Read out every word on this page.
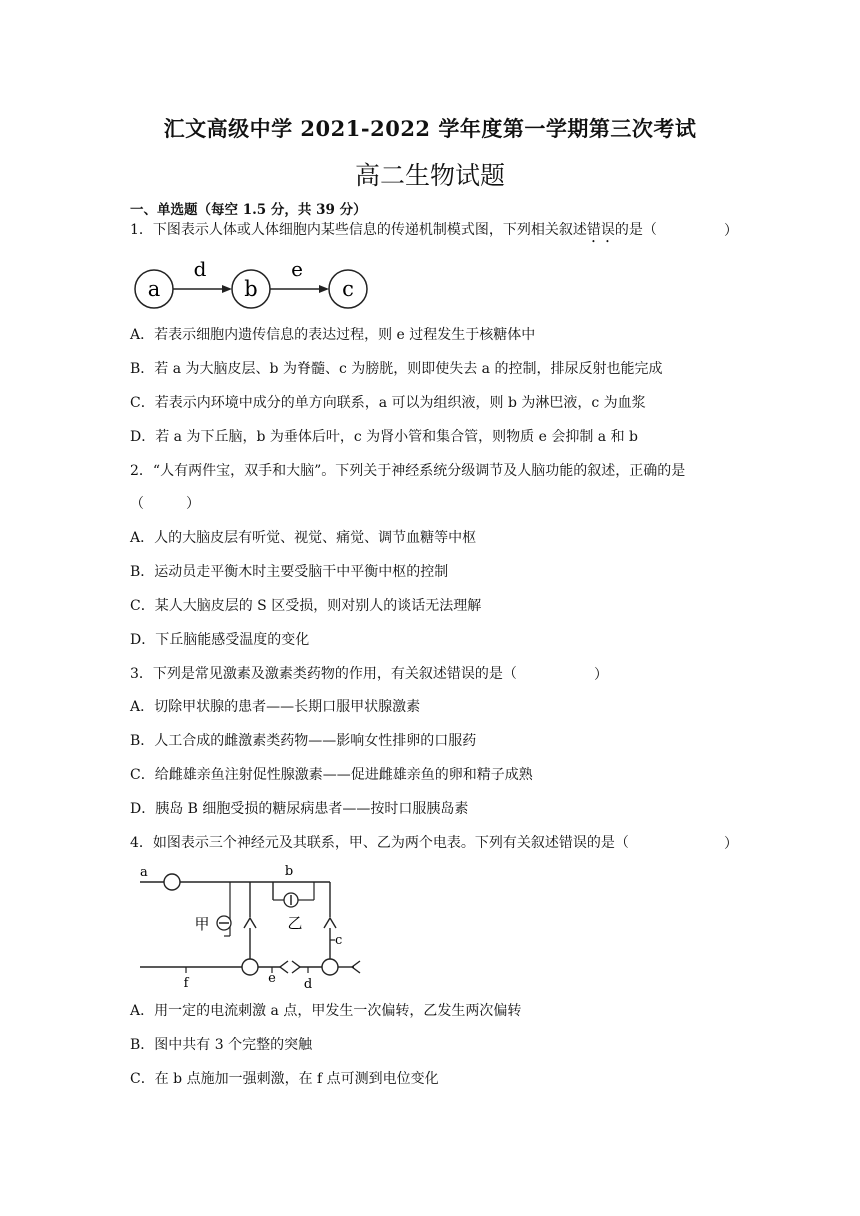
汇文高级中学 2021-2022 学年度第一学期第三次考试
高二生物试题
一、单选题（每空 1.5 分，共 39 分）
1．下图表示人体或人体细胞内某些信息的传递机制模式图，下列相关叙述错误的是（	）
a	b	c
d	e
A．若表示细胞内遗传信息的表达过程，则 e 过程发生于核糖体中
B．若 a 为大脑皮层、b 为脊髓、c 为膀胱，则即使失去 a 的控制，排尿反射也能完成
C．若表示内环境中成分的单方向联系，a 可以为组织液，则 b 为淋巴液，c 为血浆
D．若 a 为下丘脑，b 为垂体后叶，c 为肾小管和集合管，则物质 e 会抑制 a 和 b
2．“人有两件宝，双手和大脑”。下列关于神经系统分级调节及人脑功能的叙述，正确的是
（　　　）
A．人的大脑皮层有听觉、视觉、痛觉、调节血糖等中枢
B．运动员走平衡木时主要受脑干中平衡中枢的控制
C．某人大脑皮层的 S 区受损，则对别人的谈话无法理解
D．下丘脑能感受温度的变化
3．下列是常见激素及激素类药物的作用，有关叙述错误的是（	）
A．切除甲状腺的患者——长期口服甲状腺激素
B．人工合成的雌激素类药物——影响女性排卵的口服药
C．给雌雄亲鱼注射促性腺激素——促进雌雄亲鱼的卵和精子成熟
D．胰岛 B 细胞受损的糖尿病患者——按时口服胰岛素
4．如图表示三个神经元及其联系，甲、乙为两个电表。下列有关叙述错误的是（	）
a	b
乙
甲
c
d
e
f
A．用一定的电流刺激 a 点，甲发生一次偏转，乙发生两次偏转
B．图中共有 3 个完整的突触
C．在 b 点施加一强刺激，在 f 点可测到电位变化
